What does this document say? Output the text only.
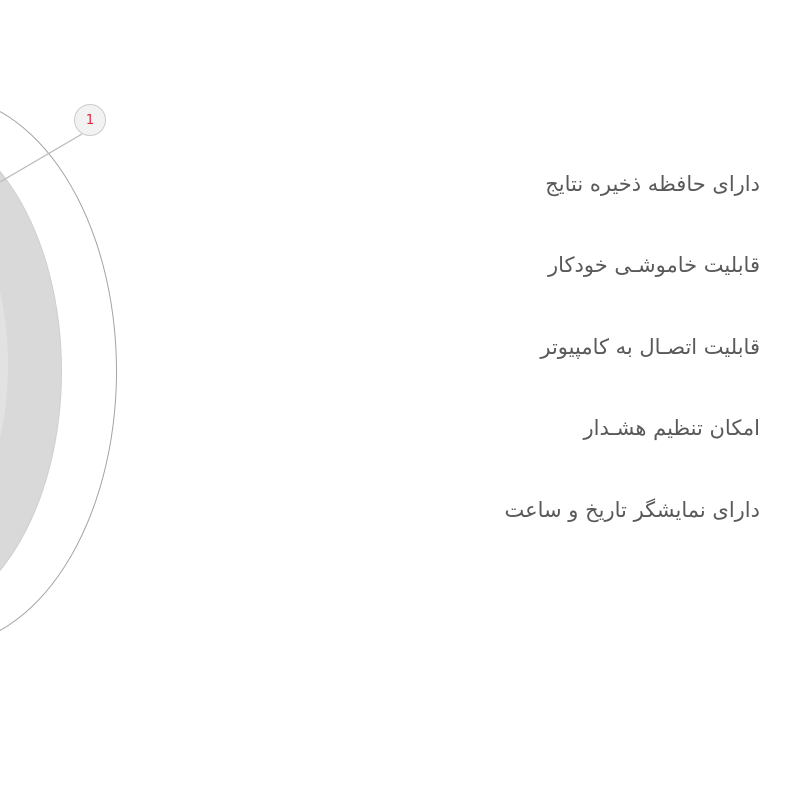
1
دارای حافظه ذخیره نتایج
قابلیت خاموشـی خودکار
قابلیت اتصـال به کامپیوتر
امکان تنظیم هشـدار
دارای نمایشگر تاریخ و ساعت
